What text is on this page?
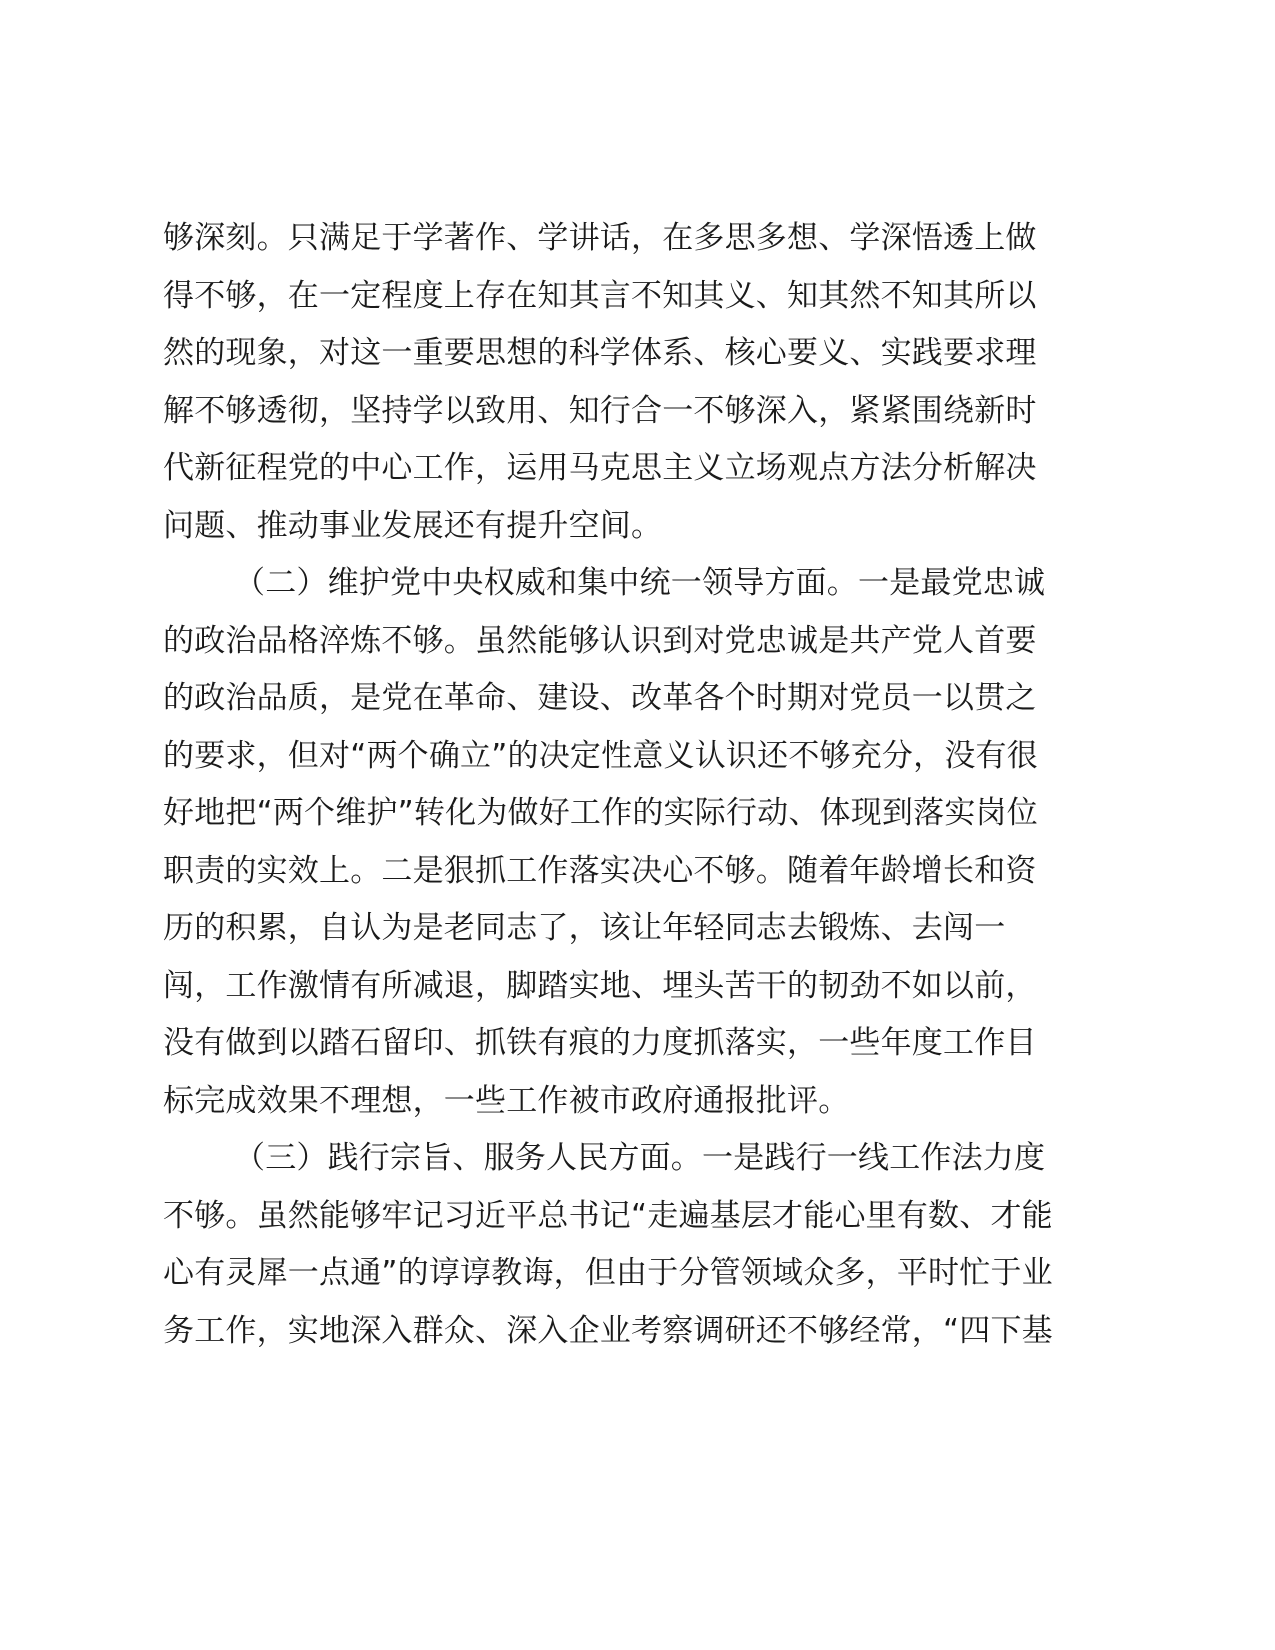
够深刻。只满足于学著作、学讲话，在多思多想、学深悟透上做
得不够，在一定程度上存在知其言不知其义、知其然不知其所以
然的现象，对这一重要思想的科学体系、核心要义、实践要求理
解不够透彻，坚持学以致用、知行合一不够深入，紧紧围绕新时
代新征程党的中心工作，运用马克思主义立场观点方法分析解决
问题、推动事业发展还有提升空间。
（二）维护党中央权威和集中统一领导方面。一是最党忠诚
的政治品格淬炼不够。虽然能够认识到对党忠诚是共产党人首要
的政治品质，是党在革命、建设、改革各个时期对党员一以贯之
的要求，但对“两个确立”的决定性意义认识还不够充分，没有很
好地把“两个维护”转化为做好工作的实际行动、体现到落实岗位
职责的实效上。二是狠抓工作落实决心不够。随着年龄增长和资
历的积累，自认为是老同志了，该让年轻同志去锻炼、去闯一
闯，工作激情有所减退，脚踏实地、埋头苦干的韧劲不如以前，
没有做到以踏石留印、抓铁有痕的力度抓落实，一些年度工作目
标完成效果不理想，一些工作被市政府通报批评。
（三）践行宗旨、服务人民方面。一是践行一线工作法力度
不够。虽然能够牢记习近平总书记“走遍基层才能心里有数、才能
心有灵犀一点通”的谆谆教诲，但由于分管领域众多，平时忙于业
务工作，实地深入群众、深入企业考察调研还不够经常，“四下基
